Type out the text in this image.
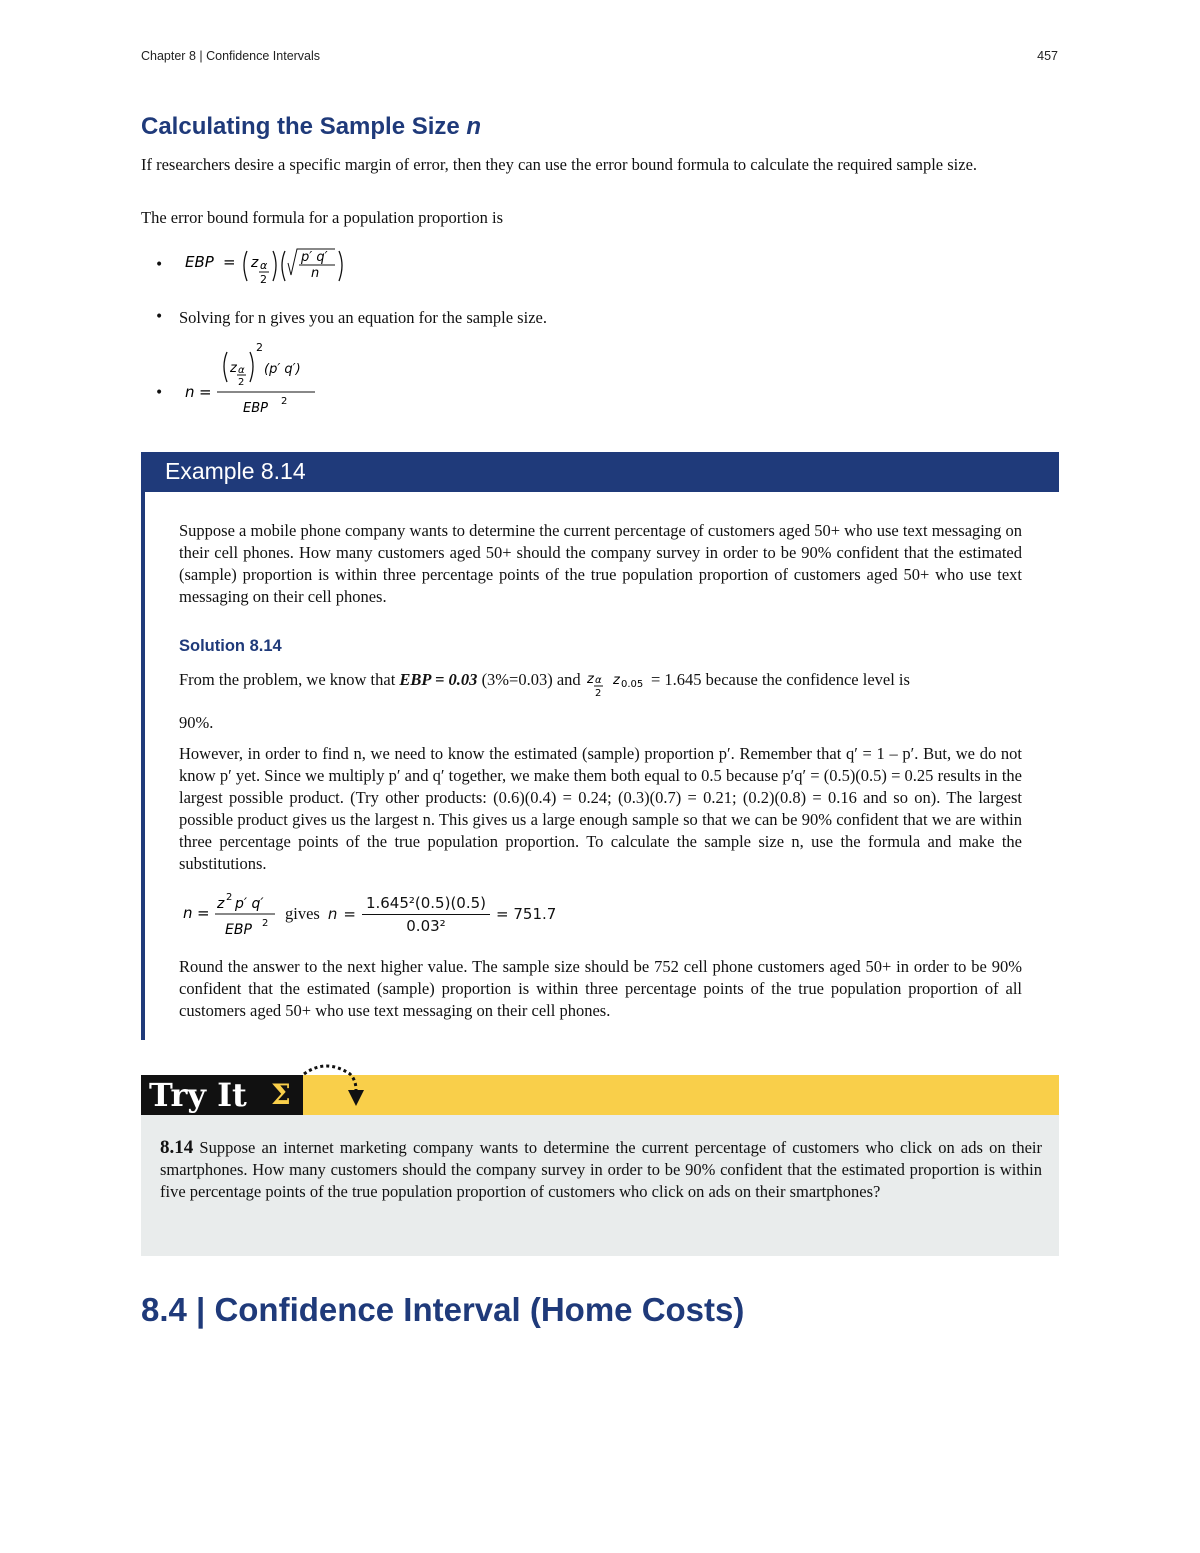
Chapter 8 | Confidence Intervals	457
Calculating the Sample Size n

If researchers desire a specific margin of error, then they can use the error bound formula to calculate the required sample size.

The error bound formula for a population proportion is

• EBP = z α
2
p′ q′
n
• Solving for n gives you an equation for the sample size.

• n =
z α
2
2
(p′ q′)
EBP 2
Example 8.14

Suppose a mobile phone company wants to determine the current percentage of customers aged 50+ who use text messaging on their cell phones. How many customers aged 50+ should the company survey in order to be 90% confident that the estimated (sample) proportion is within three percentage points of the true population proportion of customers aged 50+ who use text messaging on their cell phones.

Solution 8.14
From the problem, we know that EBP = 0.03 (3%=0.03) and z α
2
z 0.05 = 1.645 because the confidence level is
90%.

However, in order to find n, we need to know the estimated (sample) proportion p′. Remember that q′ = 1 – p′. But, we do not know p′ yet. Since we multiply p′ and q′ together, we make them both equal to 0.5 because p′q′ = (0.5)(0.5) = 0.25 results in the largest possible product. (Try other products: (0.6)(0.4) = 0.24; (0.3)(0.7) = 0.21; (0.2)(0.8) = 0.16 and so on). The largest possible product gives us the largest n. This gives us a large enough sample so that we can be 90% confident that we are within three percentage points of the true population proportion. To calculate the sample size n, use the formula and make the substitutions.

n = z 2 p′ q′
EBP 2
gives $n = \frac{\text{1.645²(0.5)(0.5)}}{\text{0.03²}} = 751.7$

Round the answer to the next higher value. The sample size should be 752 cell phone customers aged 50+ in order to be 90% confident that the estimated (sample) proportion is within three percentage points of the true population proportion of all customers aged 50+ who use text messaging on their cell phones.

Try It Σ

8.14 Suppose an internet marketing company wants to determine the current percentage of customers who click on ads on their smartphones. How many customers should the company survey in order to be 90% confident that the estimated proportion is within five percentage points of the true population proportion of customers who click on ads on their smartphones?

8.4 | Confidence Interval (Home Costs)
